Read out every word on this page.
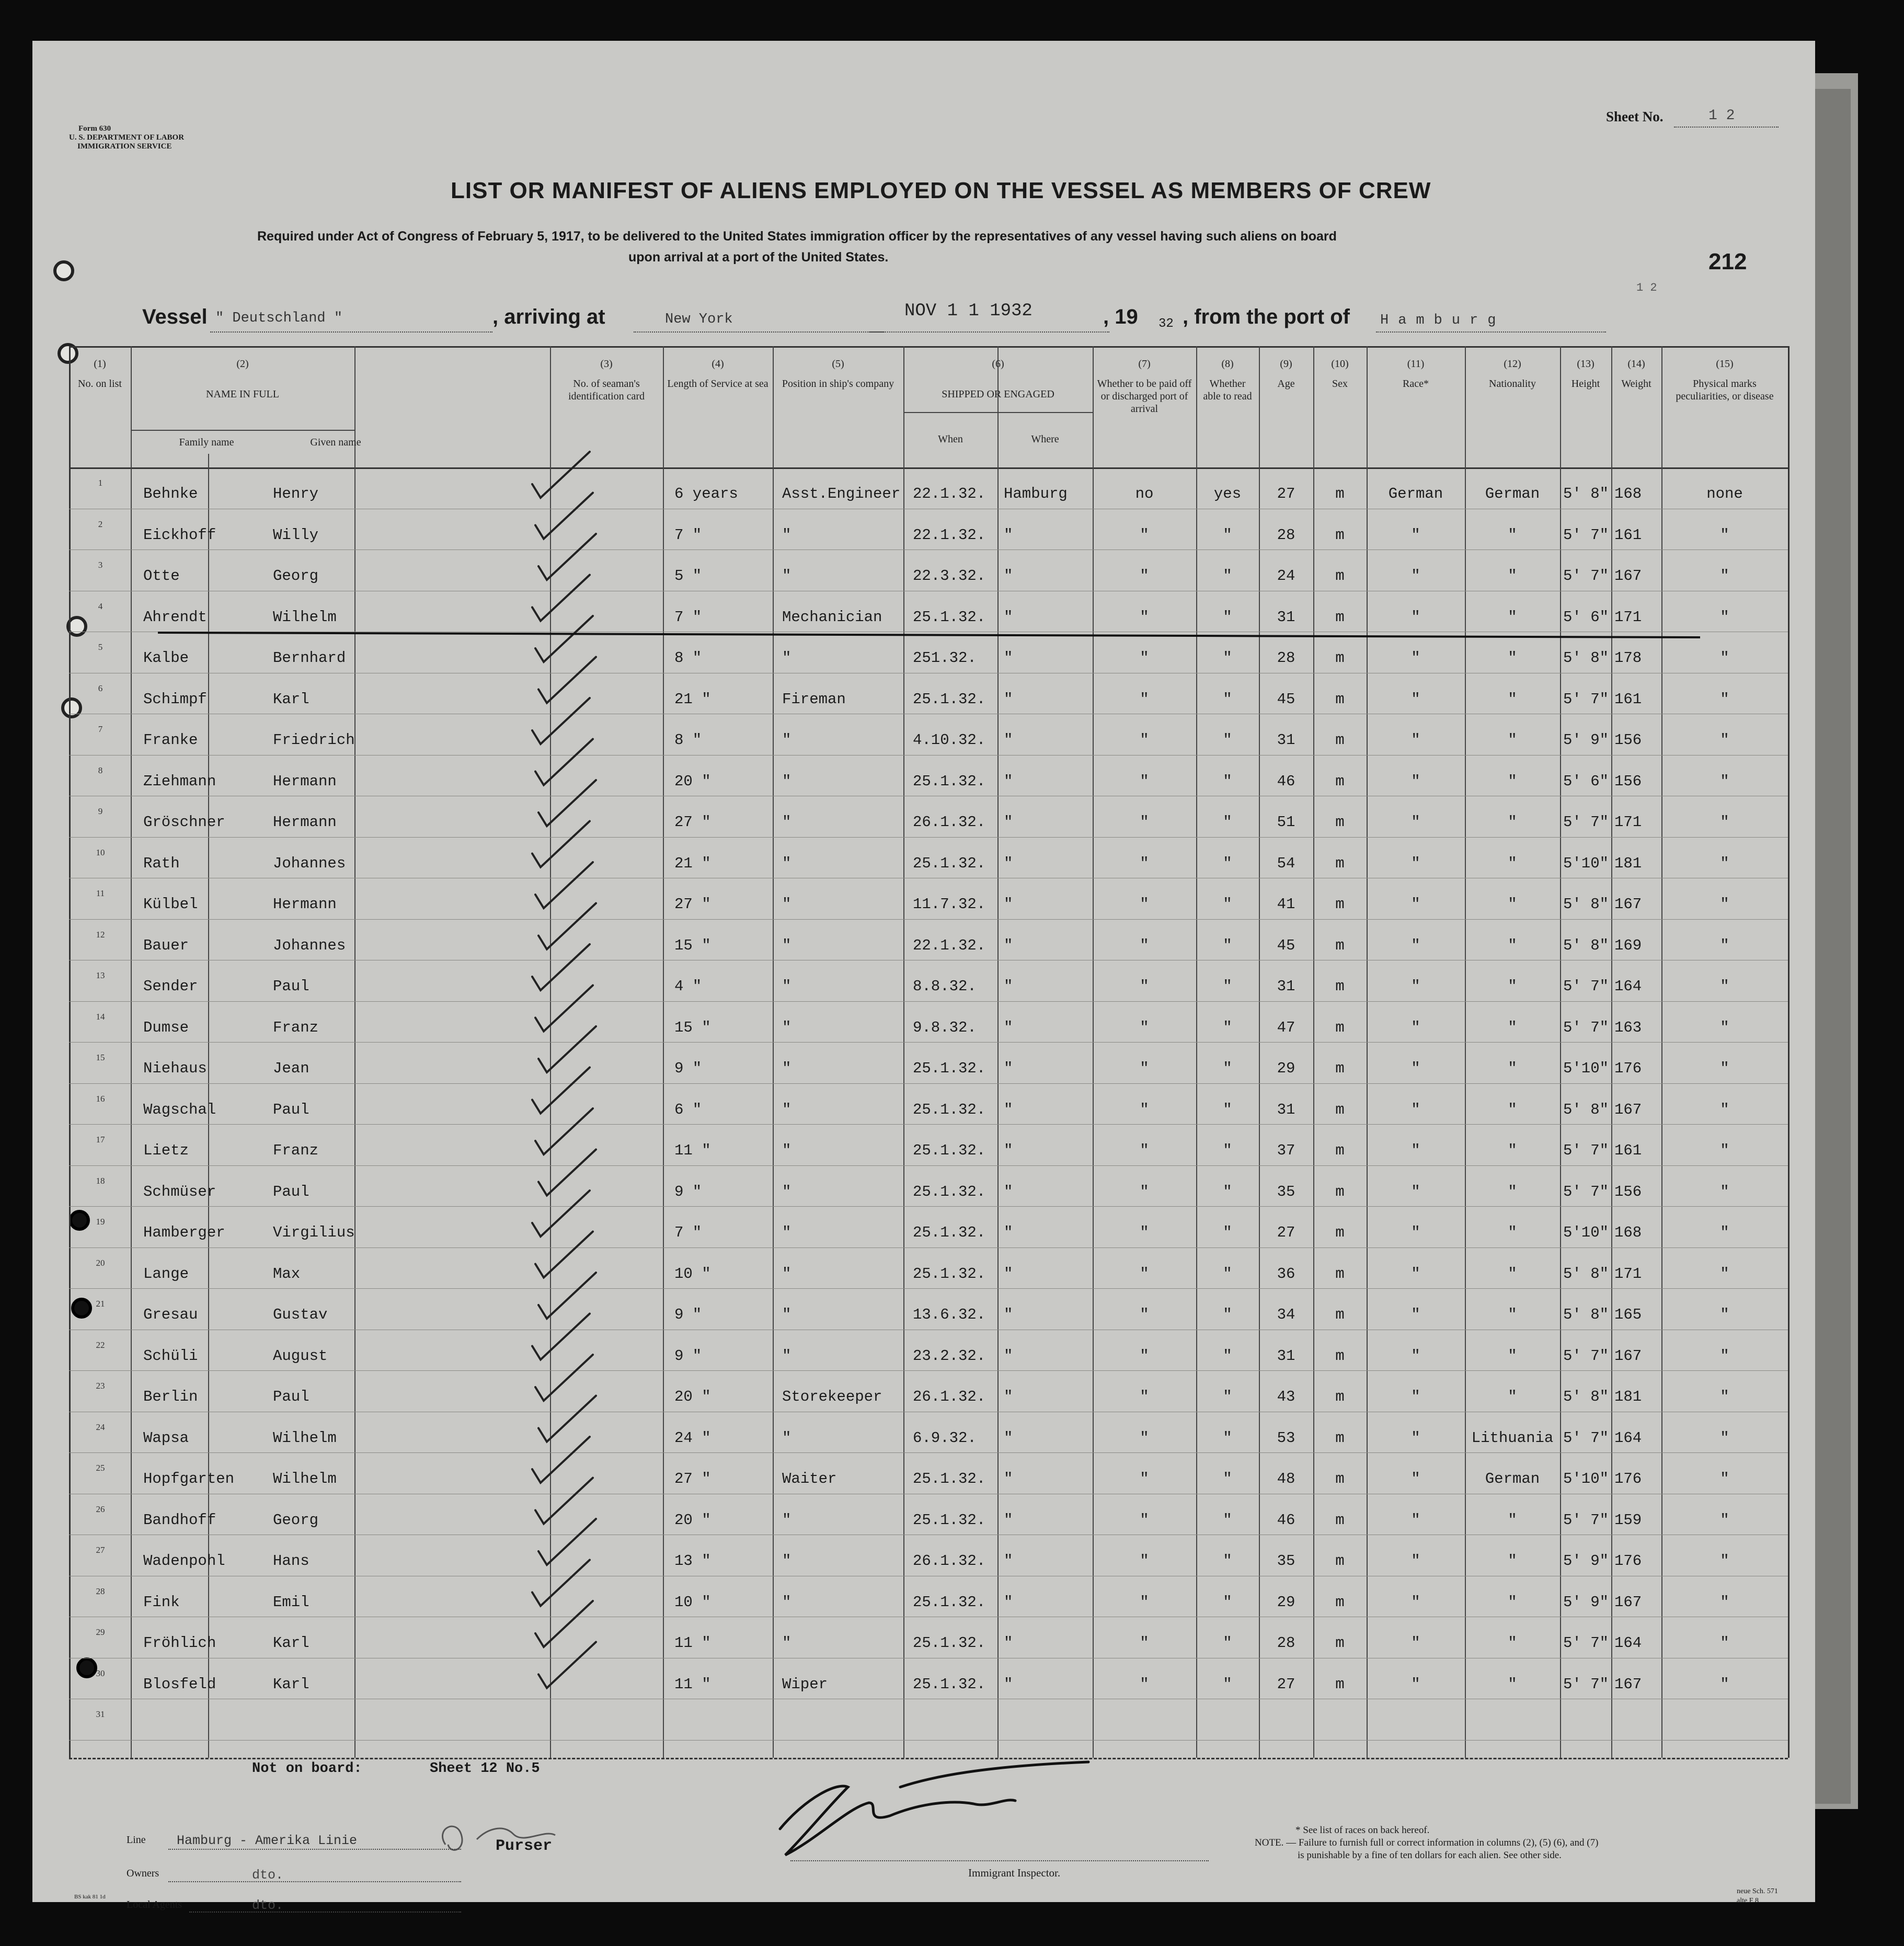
Form 630
U. S. DEPARTMENT OF LABOR
IMMIGRATION SERVICE
Sheet No.	1 2
LIST OR MANIFEST OF ALIENS EMPLOYED ON THE VESSEL AS MEMBERS OF CREW
Required under Act of Congress of February 5, 1917, to be delivered to the United States immigration officer by the representatives of any vessel having such aliens on board
upon arrival at a port of the United States.	212
1 2
Vessel " Deutschland "	, arriving at	New York	NOV 1 1 1932	, 19 32 , from the port of Hamburg
(1)
No. on list
(2)
NAME IN FULL
(3)
No. of seaman's identification card
(4)
Length of Service at sea
(5)
Position in ship's company
(6)
SHIPPED OR ENGAGED
(7)
Whether to be paid off or discharged port of arrival
(8)
Whether able to read
(9)
Age
(10)
Sex
(11)
Race*
(12)
Nationality
(13)
Height
(14)
Weight
(15)
Physical marks peculiarities, or disease
Family name	Given name	When	Where
1
Behnke	Henry	6 years	Asst.Engineer 22.1.32. Hamburg	no	yes	27	m	German	German	5' 8" 168	none
2
Eickhoff	Willy	7 "	"	22.1.32. "	"	"	28	m	"	"	5' 7" 161	"
3
Otte	Georg	5 "	"	22.3.32. "	"	"	24	m	"	"	5' 7" 167	"
4
Ahrendt	Wilhelm	7 "	Mechanician 25.1.32. "	"	"	31	m	"	"	5' 6" 171	"
5
Kalbe	Bernhard	8 "	"	251.32. "	"	"	28	m	"	"	5' 8" 178	"
6
Schimpf	Karl	21 "	Fireman	25.1.32. "	"	"	45	m	"	"	5' 7" 161	"
7
Franke	Friedrich	8 "	"	4.10.32. "	"	"	31	m	"	"	5' 9" 156	"
8
Ziehmann	Hermann	20 "	"	25.1.32. "	"	"	46	m	"	"	5' 6" 156	"
9
Gröschner	Hermann	27 "	"	26.1.32. "	"	"	51	m	"	"	5' 7" 171	"
10
Rath	Johannes	21 "	"	25.1.32. "	"	"	54	m	"	"	5'10" 181	"
11
Külbel	Hermann	27 "	"	11.7.32. "	"	"	41	m	"	"	5' 8" 167	"
12
Bauer	Johannes	15 "	"	22.1.32. "	"	"	45	m	"	"	5' 8" 169	"
13
Sender	Paul	4 "	"	8.8.32. "	"	"	31	m	"	"	5' 7" 164	"
14
Dumse	Franz	15 "	"	9.8.32. "	"	"	47	m	"	"	5' 7" 163	"
15
Niehaus	Jean	9 "	"	25.1.32. "	"	"	29	m	"	"	5'10" 176	"
16
Wagschal	Paul	6 "	"	25.1.32. "	"	"	31	m	"	"	5' 8" 167	"
17
Lietz	Franz	11 "	"	25.1.32. "	"	"	37	m	"	"	5' 7" 161	"
18
Schmüser	Paul	9 "	"	25.1.32. "	"	"	35	m	"	"	5' 7" 156	"
19
Hamberger	Virgilius	7 "	"	25.1.32. "	"	"	27	m	"	"	5'10" 168	"
20
Lange	Max	10 "	"	25.1.32. "	"	"	36	m	"	"	5' 8" 171	"
21
Gresau	Gustav	9 "	"	13.6.32. "	"	"	34	m	"	"	5' 8" 165	"
22
Schüli	August	9 "	"	23.2.32. "	"	"	31	m	"	"	5' 7" 167	"
23
Berlin	Paul	20 "	Storekeeper 26.1.32. "	"	"	43	m	"	"	5' 8" 181	"
24
Wapsa	Wilhelm	24 "	"	6.9.32. "	"	"	53	m	"	Lithuania 5' 7" 164	"
25
Hopfgarten	Wilhelm	27 "	Waiter	25.1.32. "	"	"	48	m	"	German	5'10" 176	"
26
Bandhoff	Georg	20 "	"	25.1.32. "	"	"	46	m	"	"	5' 7" 159	"
27
Wadenpohl	Hans	13 "	"	26.1.32. "	"	"	35	m	"	"	5' 9" 176	"
28
Fink	Emil	10 "	"	25.1.32. "	"	"	29	m	"	"	5' 9" 167	"
29
Fröhlich	Karl	11 "	"	25.1.32. "	"	"	28	m	"	"	5' 7" 164	"
30
Blosfeld	Karl	11 "	Wiper	25.1.32. "	"	"	27	m	"	"	5' 7" 167	"
31
Not on board:	Sheet 12 No.5
Line Hamburg - Amerika Linie	Purser
Owners	dto.
Local Agents	dto.
Immigrant Inspector.
* See list of races on back hereof.
NOTE. — Failure to furnish full or correct information in columns (2), (5) (6), and (7)
is punishable by a fine of ten dollars for each alien. See other side.
BS kak 81 1d
neue Sch. 571
alte F 8
